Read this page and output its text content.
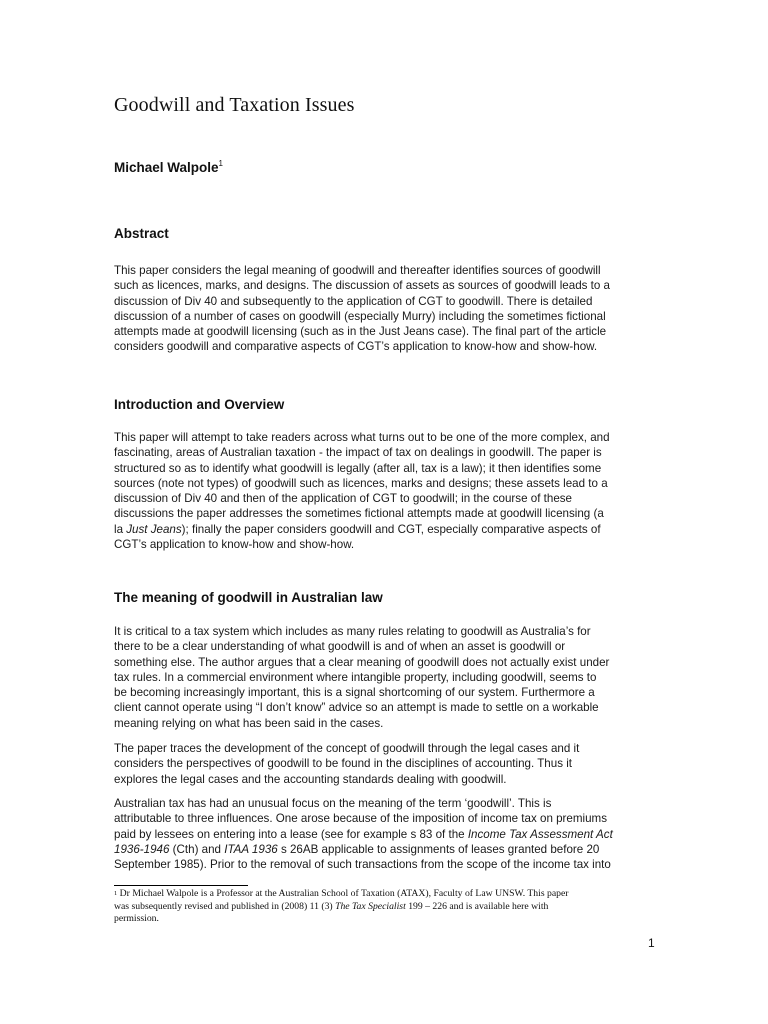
Goodwill and Taxation Issues

Michael Walpole$^1$

Abstract
This paper considers the legal meaning of goodwill and thereafter identifies sources of goodwill
such as licences, marks, and designs. The discussion of assets as sources of goodwill leads to a
discussion of Div 40 and subsequently to the application of CGT to goodwill. There is detailed
discussion of a number of cases on goodwill (especially Murry) including the sometimes fictional
attempts made at goodwill licensing (such as in the Just Jeans case). The final part of the article
considers goodwill and comparative aspects of CGT’s application to know-how and show-how.
Introduction and Overview
This paper will attempt to take readers across what turns out to be one of the more complex, and
fascinating, areas of Australian taxation - the impact of tax on dealings in goodwill. The paper is
structured so as to identify what goodwill is legally (after all, tax is a law); it then identifies some
sources (note not types) of goodwill such as licences, marks and designs; these assets lead to a
discussion of Div 40 and then of the application of CGT to goodwill; in the course of these
discussions the paper addresses the sometimes fictional attempts made at goodwill licensing (a
la Just Jeans); finally the paper considers goodwill and CGT, especially comparative aspects of
CGT’s application to know-how and show-how.
The meaning of goodwill in Australian law
It is critical to a tax system which includes as many rules relating to goodwill as Australia’s for
there to be a clear understanding of what goodwill is and of when an asset is goodwill or
something else. The author argues that a clear meaning of goodwill does not actually exist under
tax rules. In a commercial environment where intangible property, including goodwill, seems to
be becoming increasingly important, this is a signal shortcoming of our system. Furthermore a
client cannot operate using “I don’t know” advice so an attempt is made to settle on a workable
meaning relying on what has been said in the cases.
The paper traces the development of the concept of goodwill through the legal cases and it
considers the perspectives of goodwill to be found in the disciplines of accounting. Thus it
explores the legal cases and the accounting standards dealing with goodwill.
Australian tax has had an unusual focus on the meaning of the term ‘goodwill’. This is
attributable to three influences. One arose because of the imposition of income tax on premiums
paid by lessees on entering into a lease (see for example s 83 of the Income Tax Assessment Act
1936-1946 (Cth) and ITAA 1936 s 26AB applicable to assignments of leases granted before 20
September 1985). Prior to the removal of such transactions from the scope of the income tax into
$^1$ Dr Michael Walpole is a Professor at the Australian School of Taxation (ATAX), Faculty of Law UNSW. This paper
was subsequently revised and published in (2008) 11 (3) The Tax Specialist 199 – 226 and is available here with
permission.

1
